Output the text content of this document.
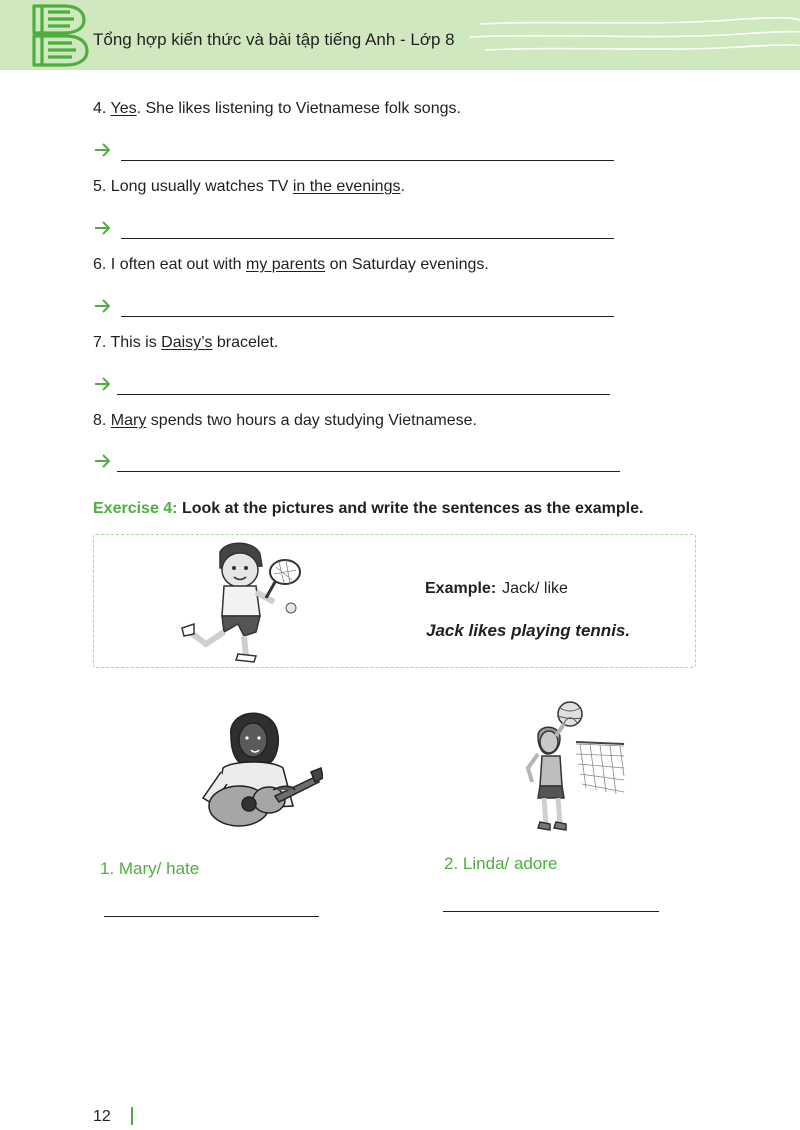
Tổng hợp kiến thức và bài tập tiếng Anh - Lớp 8
4. Yes. She likes listening to Vietnamese folk songs.
5. Long usually watches TV in the evenings.
6. I often eat out with my parents on Saturday evenings.
7. This is Daisy’s bracelet.
8. Mary spends two hours a day studying Vietnamese.
Exercise 4: Look at the pictures and write the sentences as the example.
Example: Jack/ like
Jack likes playing tennis.
1. Mary/ hate	2. Linda/ adore
12
